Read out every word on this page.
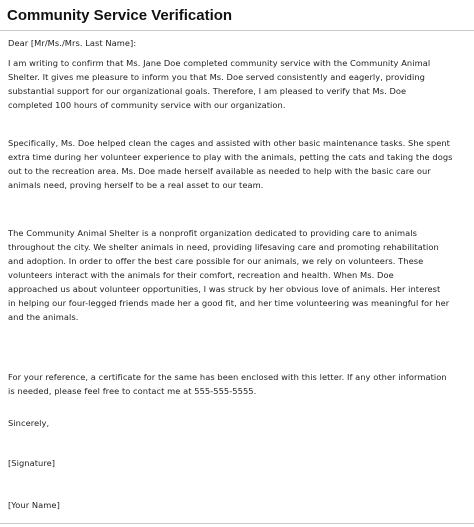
Community Service Verification
Dear [Mr/Ms./Mrs. Last Name]:
I am writing to confirm that Ms. Jane Doe completed community service with the Community Animal
Shelter. It gives me pleasure to inform you that Ms. Doe served consistently and eagerly, providing
substantial support for our organizational goals. Therefore, I am pleased to verify that Ms. Doe
completed 100 hours of community service with our organization.
Specifically, Ms. Doe helped clean the cages and assisted with other basic maintenance tasks. She spent
extra time during her volunteer experience to play with the animals, petting the cats and taking the dogs
out to the recreation area. Ms. Doe made herself available as needed to help with the basic care our
animals need, proving herself to be a real asset to our team.
The Community Animal Shelter is a nonprofit organization dedicated to providing care to animals
throughout the city. We shelter animals in need, providing lifesaving care and promoting rehabilitation
and adoption. In order to offer the best care possible for our animals, we rely on volunteers. These
volunteers interact with the animals for their comfort, recreation and health. When Ms. Doe
approached us about volunteer opportunities, I was struck by her obvious love of animals. Her interest
in helping our four-legged friends made her a good fit, and her time volunteering was meaningful for her
and the animals.
For your reference, a certificate for the same has been enclosed with this letter. If any other information
is needed, please feel free to contact me at 555-555-5555.
Sincerely,
[Signature]
[Your Name]
